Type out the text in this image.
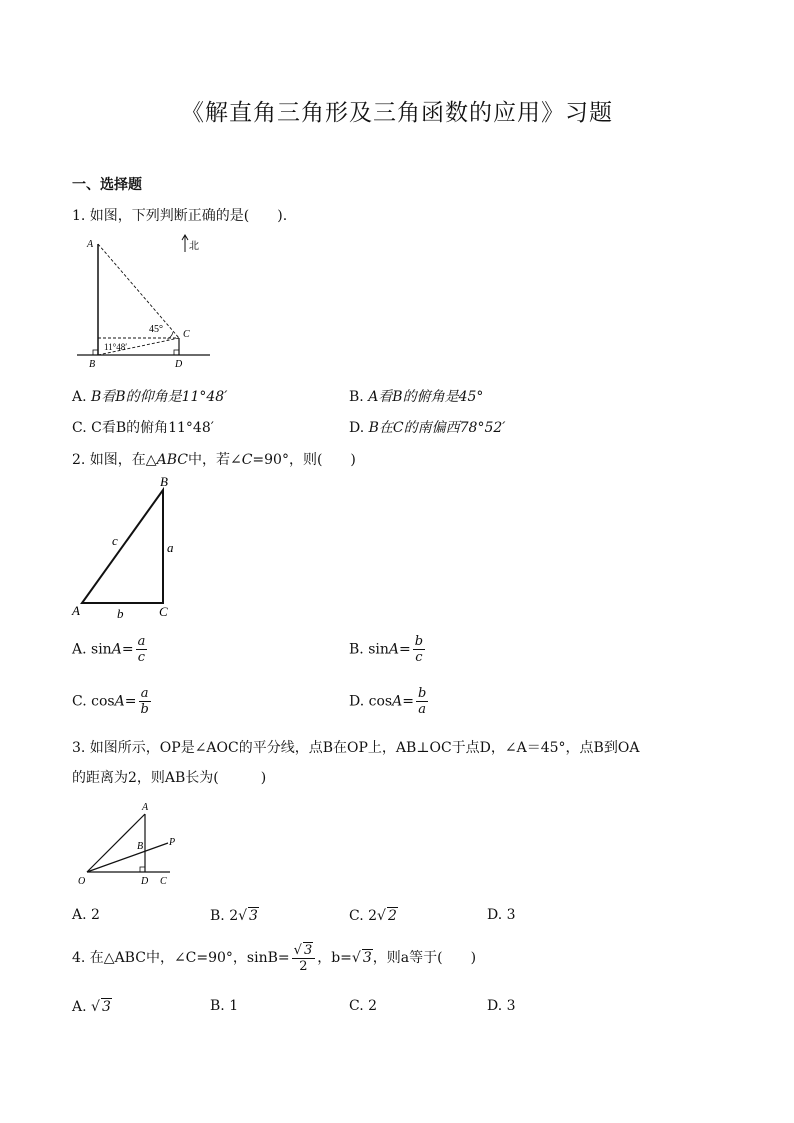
《解直角三角形及三角函数的应用》习题
一、选择题
1. 如图，下列判断正确的是(　　).
北
A
B
C
D
45°
11°48′
A. B看B的仰角是11°48′	B. A看B的俯角是45°
C. C看B的俯角11°48′	D. B在C的南偏西78°52′
2. 如图，在△ABC中，若∠C=90°，则(　　)
B
A	C
a
b
c
A. $\sin A= \frac{a}{c}$	B. $\sin A= \frac{b}{c}$
C. $\cos A= \frac{a}{b}$	D. $\cos A= \frac{b}{a}$
3. 如图所示，OP是∠AOC的平分线，点B在OP上，AB⊥OC于点D，∠A＝45°，点B到OA
的距离为2，则AB长为(　　　)
A
B	P
O	D C
A. 2	B. 2√ 3	C. 2√ 2	D. 3
4. 在△ABC中，∠C=90°，$\sin B= \frac{√ 3}{2}$ ，b=√ 3，则a等于(　　)
A. √ 3	B. 1	C. 2	D. 3
